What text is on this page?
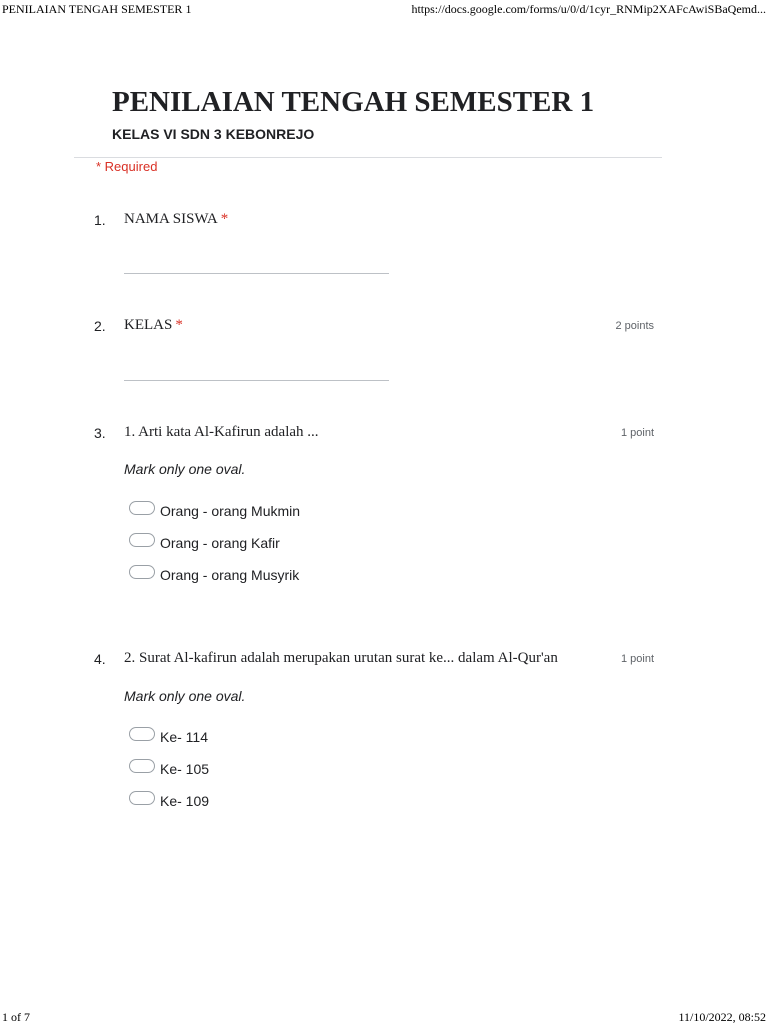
PENILAIAN TENGAH SEMESTER 1	https://docs.google.com/forms/u/0/d/1cyr_RNMip2XAFcAwiSBaQemd...
PENILAIAN TENGAH SEMESTER 1
KELAS VI SDN 3 KEBONREJO
* Required
1. NAMA SISWA *
2. KELAS *	2 points
3. 1. Arti kata Al-Kafirun adalah ...	1 point
Mark only one oval.
Orang - orang Mukmin
Orang - orang Kafir
Orang - orang Musyrik
4. 2. Surat Al-kafirun adalah merupakan urutan surat ke... dalam Al-Qur'an	1 point
Mark only one oval.
Ke- 114
Ke- 105
Ke- 109
1 of 7	11/10/2022, 08:52
